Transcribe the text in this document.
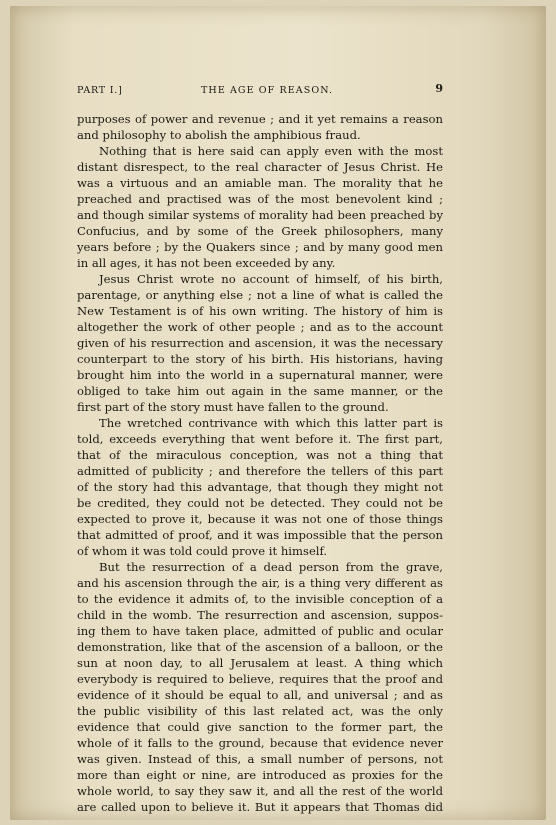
PART I.]	THE AGE OF REASON.	9
purposes of power and revenue ; and it yet remains a reason
and philosophy to abolish the amphibious fraud.
Nothing that is here said can apply even with the most
distant disrespect, to the real character of Jesus Christ. He
was a virtuous and an amiable man. The morality that he
preached and practised was of the most benevolent kind ;
and though similar systems of morality had been preached by
Confucius, and by some of the Greek philosophers, many
years before ; by the Quakers since ; and by many good men
in all ages, it has not been exceeded by any.
Jesus Christ wrote no account of himself, of his birth,
parentage, or anything else ; not a line of what is called the
New Testament is of his own writing. The history of him is
altogether the work of other people ; and as to the account
given of his resurrection and ascension, it was the necessary
counterpart to the story of his birth. His historians, having
brought him into the world in a supernatural manner, were
obliged to take him out again in the same manner, or the
first part of the story must have fallen to the ground.
The wretched contrivance with which this latter part is
told, exceeds everything that went before it. The first part,
that of the miraculous conception, was not a thing that
admitted of publicity ; and therefore the tellers of this part
of the story had this advantage, that though they might not
be credited, they could not be detected. They could not be
expected to prove it, because it was not one of those things
that admitted of proof, and it was impossible that the person
of whom it was told could prove it himself.
But the resurrection of a dead person from the grave,
and his ascension through the air, is a thing very different as
to the evidence it admits of, to the invisible conception of a
child in the womb. The resurrection and ascension, suppos-
ing them to have taken place, admitted of public and ocular
demonstration, like that of the ascension of a balloon, or the
sun at noon day, to all Jerusalem at least. A thing which
everybody is required to believe, requires that the proof and
evidence of it should be equal to all, and universal ; and as
the public visibility of this last related act, was the only
evidence that could give sanction to the former part, the
whole of it falls to the ground, because that evidence never
was given. Instead of this, a small number of persons, not
more than eight or nine, are introduced as proxies for the
whole world, to say they saw it, and all the rest of the world
are called upon to believe it. But it appears that Thomas did
